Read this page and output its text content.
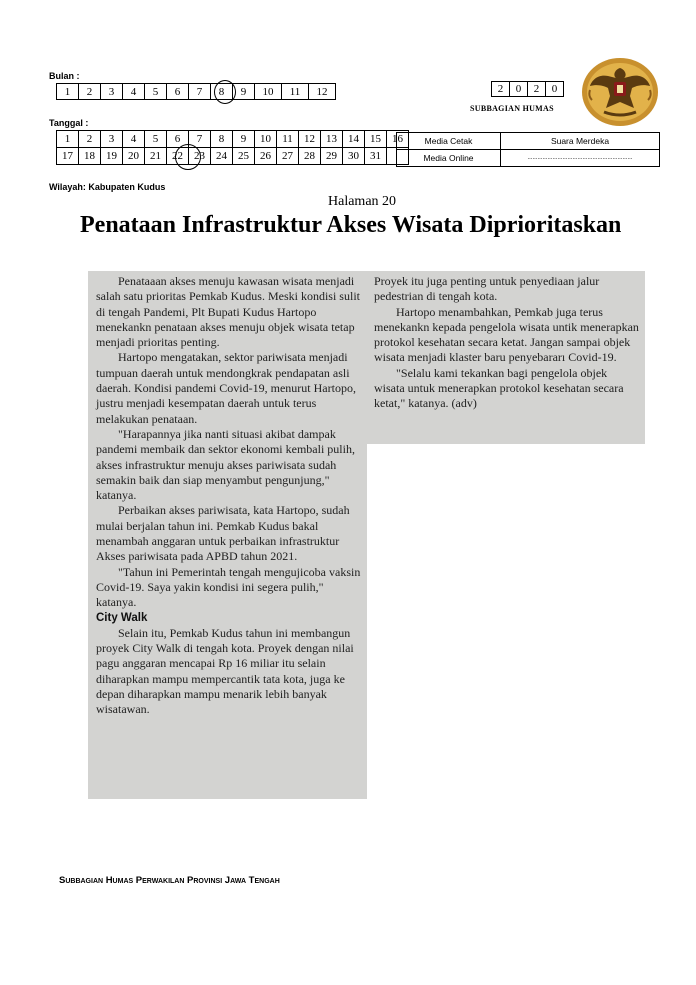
Bulan :
1	2	3	4	5	6	7	8	9	10	11	12
Tanggal :
1	2	3	4	5	6	7	8	9	10	11	12	13	14	15	16
17	18	19	20	21	22	23	24	25	26	27	28	29	30	31	
2	0	2	0
SUBBAGIAN HUMAS
Media Cetak	Suara Merdeka
Media Online	...............................................................
Wilayah: Kabupaten Kudus
Halaman 20
Penataan Infrastruktur Akses Wisata Diprioritaskan

Penataaan akses menuju kawasan wisata menjadi salah satu prioritas Pemkab Kudus. Meski kondisi sulit di tengah Pandemi, Plt Bupati Kudus Hartopo menekankn penataan akses menuju objek wisata tetap menjadi prioritas penting.

Hartopo mengatakan, sektor pariwisata menjadi tumpuan daerah untuk mendongkrak pendapatan asli daerah. Kondisi pandemi Covid-19, menurut Hartopo, justru menjadi kesempatan daerah untuk terus melakukan penataan.

"Harapannya jika nanti situasi akibat dampak pandemi membaik dan sektor ekonomi kembali pulih, akses infrastruktur menuju akses pariwisata sudah semakin baik dan siap menyambut pengunjung," katanya.

Perbaikan akses pariwisata, kata Hartopo, sudah mulai berjalan tahun ini. Pemkab Kudus bakal menambah anggaran untuk perbaikan infrastruktur Akses pariwisata pada APBD tahun 2021.

"Tahun ini Pemerintah tengah mengujicoba vaksin Covid-19. Saya yakin kondisi ini segera pulih," katanya.

City Walk

Selain itu, Pemkab Kudus tahun ini membangun proyek City Walk di tengah kota. Proyek dengan nilai pagu anggaran mencapai Rp 16 miliar itu selain diharapkan mampu mempercantik tata kota, juga ke depan diharapkan mampu menarik lebih banyak wisatawan.

Proyek itu juga penting untuk penyediaan jalur pedestrian di tengah kota.

Hartopo menambahkan, Pemkab juga terus menekankn kepada pengelola wisata untik menerapkan protokol kesehatan secara ketat. Jangan sampai objek wisata menjadi klaster baru penyebararı Covid-19.

"Selalu kami tekankan bagi pengelola objek wisata untuk menerapkan protokol kesehatan secara ketat," katanya. (adv)

Subbagian Humas Perwakilan Provinsi Jawa Tengah
